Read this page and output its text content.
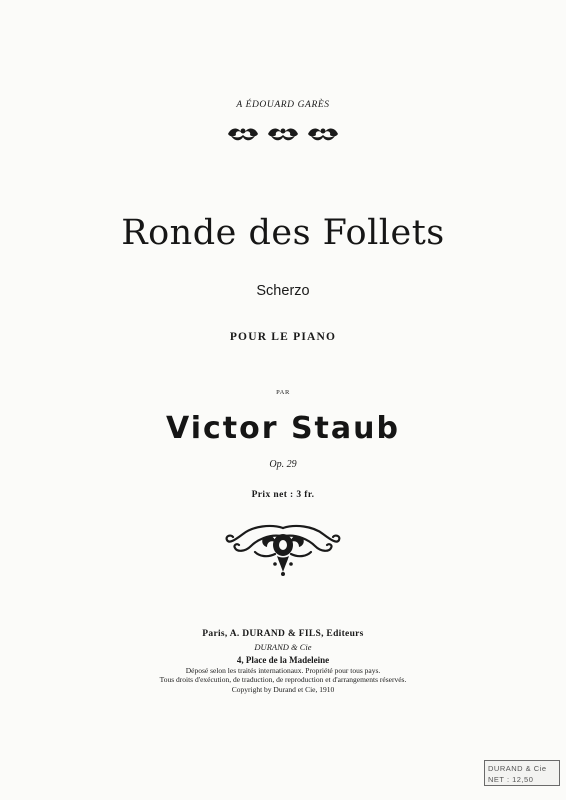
A ÉDOUARD GARÈS
Ronde des Follets
Scherzo
POUR LE PIANO
PAR
Victor Staub
Op. 29
Prix net : 3 fr.
Paris, A. DURAND & FILS, Editeurs
DURAND & Cie
4, Place de la Madeleine
Déposé selon les traités internationaux. Propriété pour tous pays.
Tous droits d'exécution, de traduction, de reproduction et d'arrangements réservés.
Copyright by Durand et Cie, 1910
DURAND & Cie
NET : 12,50
